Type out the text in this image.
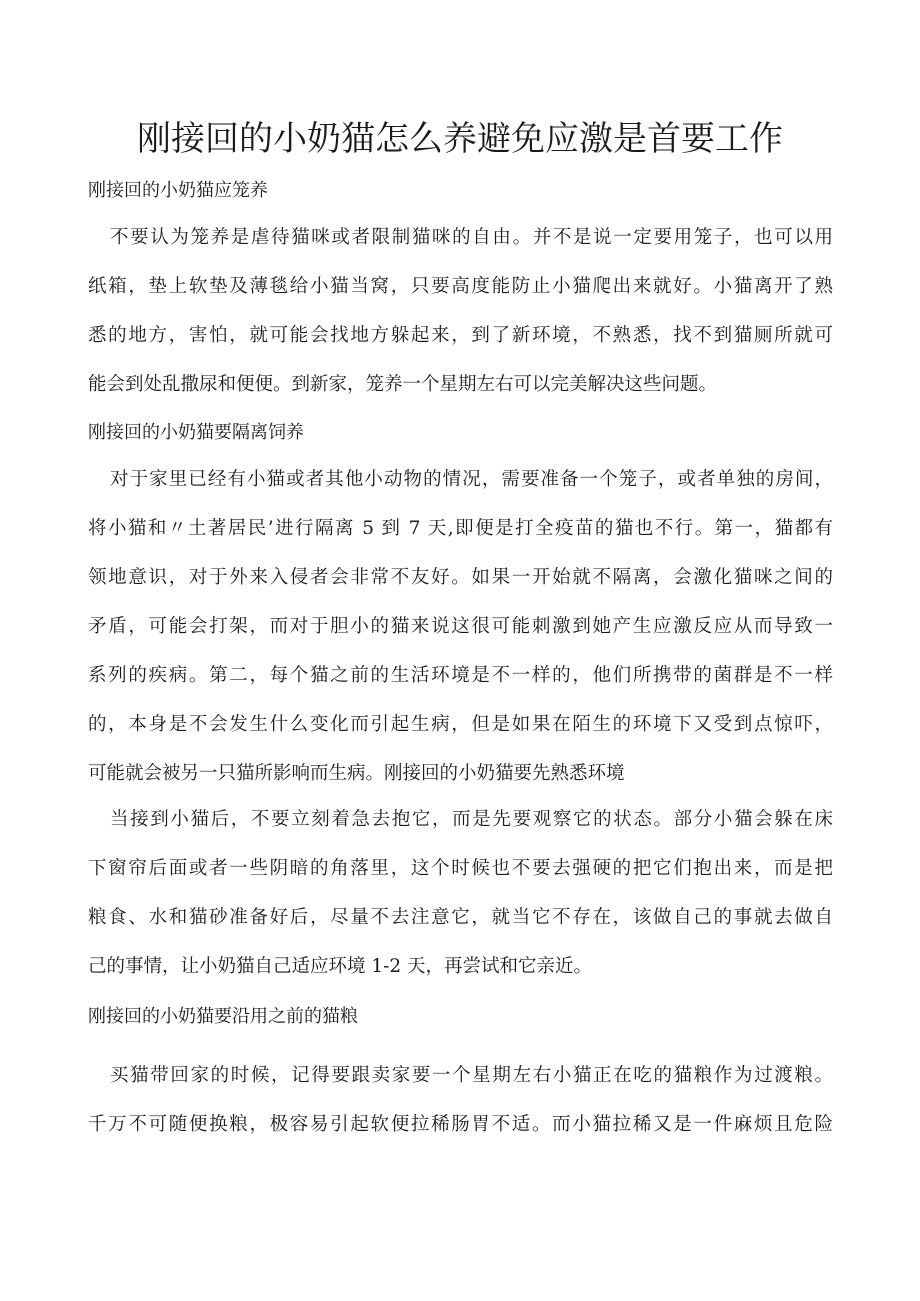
刚接回的小奶猫怎么养避免应激是首要工作

刚接回的小奶猫应笼养

不要认为笼养是虐待猫咪或者限制猫咪的自由。并不是说一定要用笼子，也可以用
纸箱，垫上软垫及薄毯给小猫当窝，只要高度能防止小猫爬出来就好。小猫离开了熟
悉的地方，害怕，就可能会找地方躲起来，到了新环境，不熟悉，找不到猫厕所就可
能会到处乱撒尿和便便。到新家，笼养一个星期左右可以完美解决这些问题。

刚接回的小奶猫要隔离饲养

对于家里已经有小猫或者其他小动物的情况，需要准备一个笼子，或者单独的房间，
将小猫和〃土著居民’进行隔离 5 到 7 天,即便是打全疫苗的猫也不行。第一，猫都有
领地意识，对于外来入侵者会非常不友好。如果一开始就不隔离，会激化猫咪之间的
矛盾，可能会打架，而对于胆小的猫来说这很可能刺激到她产生应激反应从而导致一
系列的疾病。第二，每个猫之前的生活环境是不一样的，他们所携带的菌群是不一样
的，本身是不会发生什么变化而引起生病，但是如果在陌生的环境下又受到点惊吓，
可能就会被另一只猫所影响而生病。刚接回的小奶猫要先熟悉环境
当接到小猫后，不要立刻着急去抱它，而是先要观察它的状态。部分小猫会躲在床
下窗帘后面或者一些阴暗的角落里，这个时候也不要去强硬的把它们抱出来，而是把
粮食、水和猫砂准备好后，尽量不去注意它，就当它不存在，该做自己的事就去做自
己的事情，让小奶猫自己适应环境 1-2 天，再尝试和它亲近。

刚接回的小奶猫要沿用之前的猫粮

买猫带回家的时候，记得要跟卖家要一个星期左右小猫正在吃的猫粮作为过渡粮。
千万不可随便换粮，极容易引起软便拉稀肠胃不适。而小猫拉稀又是一件麻烦且危险
